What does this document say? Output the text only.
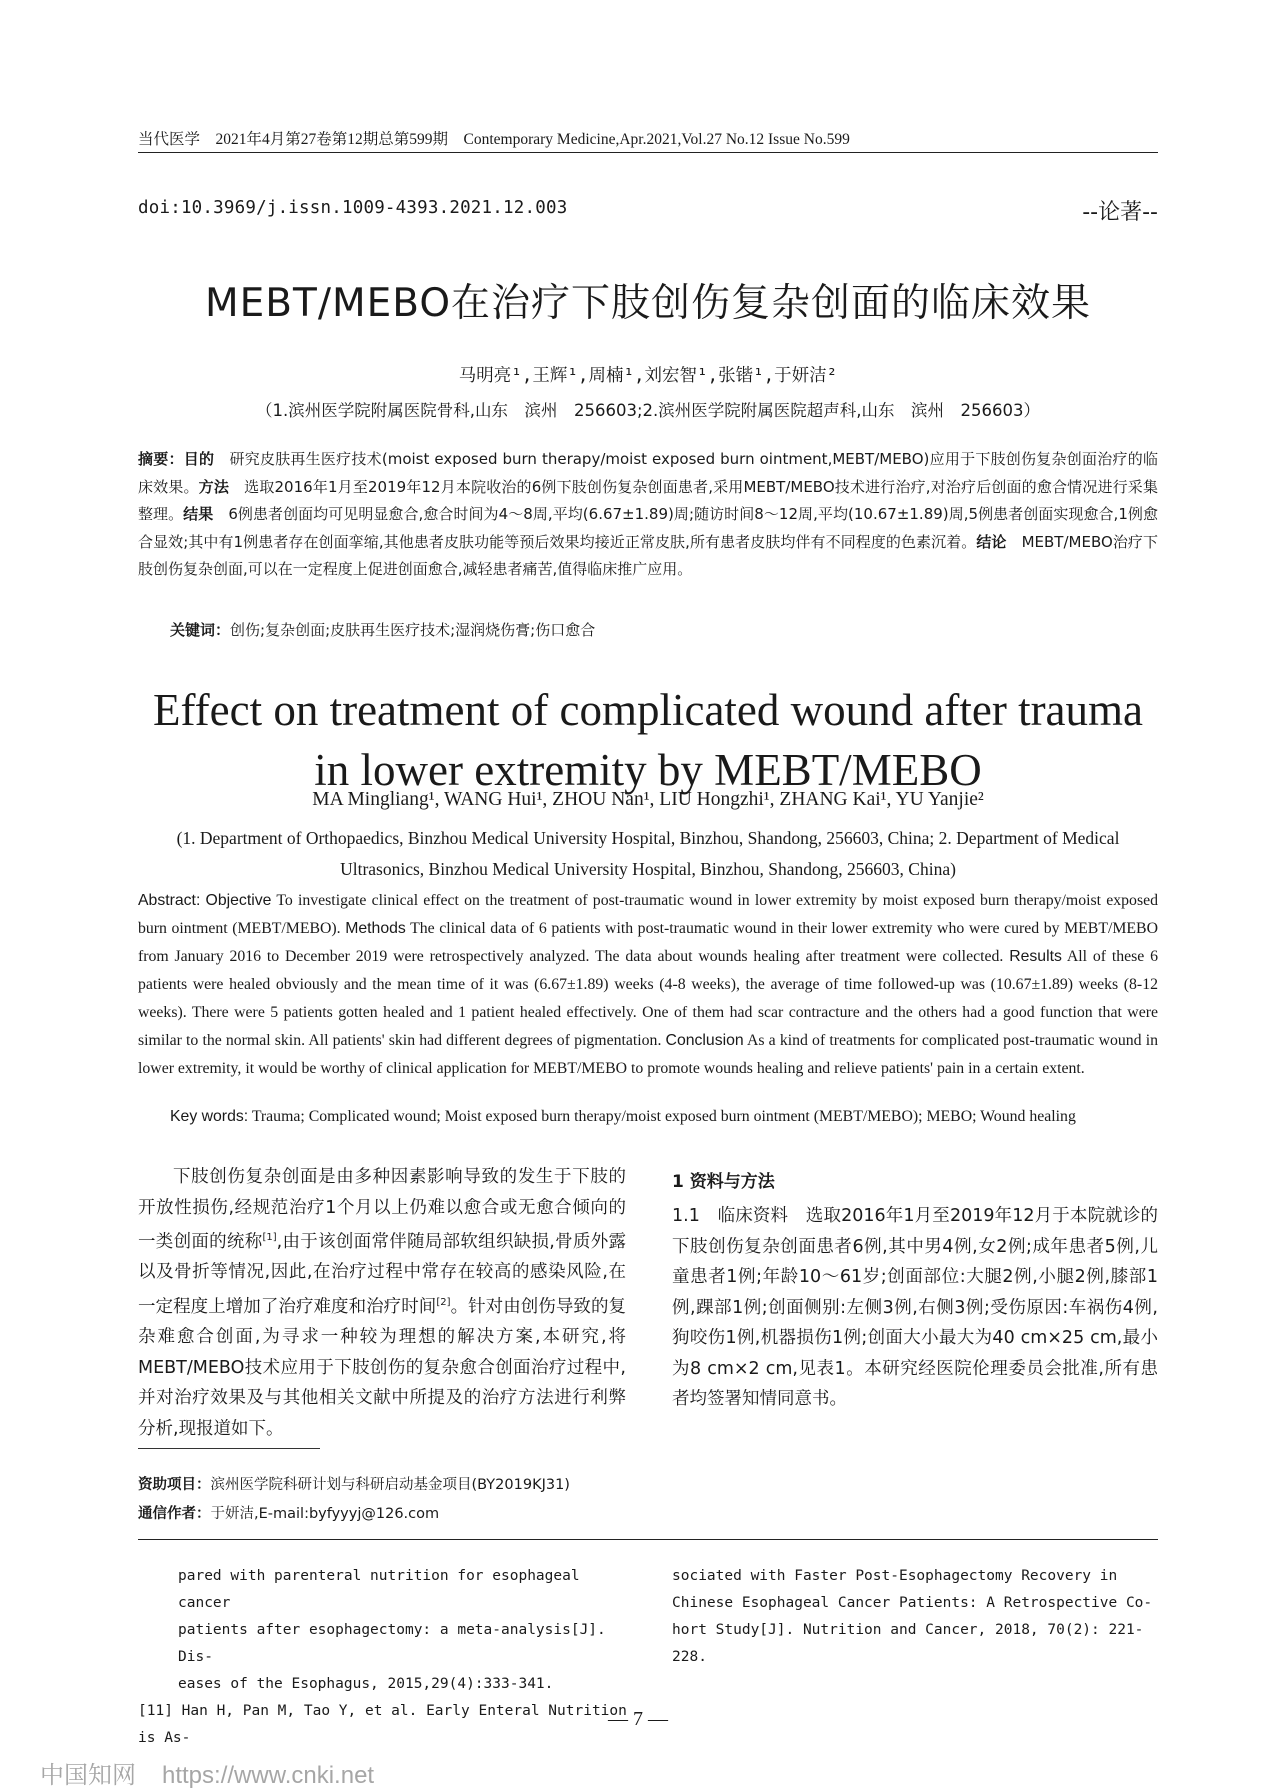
当代医学　2021年4月第27卷第12期总第599期　Contemporary Medicine,Apr.2021,Vol.27 No.12 Issue No.599
doi:10.3969/j.issn.1009-4393.2021.12.003	--论著--
MEBT/MEBO在治疗下肢创伤复杂创面的临床效果
马明亮¹,王辉¹,周楠¹,刘宏智¹,张锴¹,于妍洁²
（1.滨州医学院附属医院骨科,山东　滨州　256603;2.滨州医学院附属医院超声科,山东　滨州　256603）
摘要：目的　 研究皮肤再生医疗技术(moist exposed burn therapy/moist exposed burn ointment,MEBT/MEBO)应用于下肢创伤复杂创面治疗的临床效果。方法　 选取2016年1月至2019年12月本院收治的6例下肢创伤复杂创面患者,采用MEBT/MEBO技术进行治疗,对治疗后创面的愈合情况进行采集整理。结果　 6例患者创面均可见明显愈合,愈合时间为4～8周,平均(6.67±1.89)周;随访时间8～12周,平均(10.67±1.89)周,5例患者创面实现愈合,1例愈合显效;其中有1例患者存在创面挛缩,其他患者皮肤功能等预后效果均接近正常皮肤,所有患者皮肤均伴有不同程度的色素沉着。结论　 MEBT/MEBO治疗下肢创伤复杂创面,可以在一定程度上促进创面愈合,减轻患者痛苦,值得临床推广应用。
关键词：创伤;复杂创面;皮肤再生医疗技术;湿润烧伤膏;伤口愈合
Effect on treatment of complicated wound after trauma in lower extremity by MEBT/MEBO
MA Mingliang¹, WANG Hui¹, ZHOU Nan¹, LIU Hongzhi¹, ZHANG Kai¹, YU Yanjie²
(1. Department of Orthopaedics, Binzhou Medical University Hospital, Binzhou, Shandong, 256603, China; 2. Department of Medical Ultrasonics, Binzhou Medical University Hospital, Binzhou, Shandong, 256603, China)
Abstract: Objective To investigate clinical effect on the treatment of post-traumatic wound in lower extremity by moist exposed burn therapy/moist exposed burn ointment (MEBT/MEBO). Methods The clinical data of 6 patients with post-traumatic wound in their lower extremity who were cured by MEBT/MEBO from January 2016 to December 2019 were retrospectively analyzed. The data about wounds healing after treatment were collected. Results All of these 6 patients were healed obviously and the mean time of it was (6.67±1.89) weeks (4-8 weeks), the average of time followed-up was (10.67±1.89) weeks (8-12 weeks). There were 5 patients gotten healed and 1 patient healed effectively. One of them had scar contracture and the others had a good function that were similar to the normal skin. All patients' skin had different degrees of pigmentation. Conclusion As a kind of treatments for complicated post-traumatic wound in lower extremity, it would be worthy of clinical application for MEBT/MEBO to promote wounds healing and relieve patients' pain in a certain extent.
Key words: Trauma; Complicated wound; Moist exposed burn therapy/moist exposed burn ointment (MEBT/MEBO); MEBO; Wound healing
下肢创伤复杂创面是由多种因素影响导致的发生于下肢的开放性损伤,经规范治疗1个月以上仍难以愈合或无愈合倾向的一类创面的统称[1],由于该创面常伴随局部软组织缺损,骨质外露以及骨折等情况,因此,在治疗过程中常存在较高的感染风险,在一定程度上增加了治疗难度和治疗时间[2]。针对由创伤导致的复杂难愈合创面,为寻求一种较为理想的解决方案,本研究,将MEBT/MEBO技术应用于下肢创伤的复杂愈合创面治疗过程中,并对治疗效果及与其他相关文献中所提及的治疗方法进行利弊分析,现报道如下。
1 资料与方法
1.1　临床资料　选取2016年1月至2019年12月于本院就诊的下肢创伤复杂创面患者6例,其中男4例,女2例;成年患者5例,儿童患者1例;年龄10～61岁;创面部位:大腿2例,小腿2例,膝部1例,踝部1例;创面侧别:左侧3例,右侧3例;受伤原因:车祸伤4例,狗咬伤1例,机器损伤1例;创面大小最大为40 cm×25 cm,最小为8 cm×2 cm,见表1。本研究经医院伦理委员会批准,所有患者均签署知情同意书。
资助项目：滨州医学院科研计划与科研启动基金项目(BY2019KJ31)
通信作者：于妍洁,E-mail:byfyyyj@126.com
pared with parenteral nutrition for esophageal cancer
patients after esophagectomy: a meta-analysis[J]. Dis-
eases of the Esophagus, 2015,29(4):333-341.
[11] Han H, Pan M, Tao Y, et al. Early Enteral Nutrition is As-
sociated with Faster Post-Esophagectomy Recovery in
Chinese Esophageal Cancer Patients: A Retrospective Co-
hort Study[J]. Nutrition and Cancer, 2018, 70(2): 221-
228.
— 7 —
中国知网 https://www.cnki.net
